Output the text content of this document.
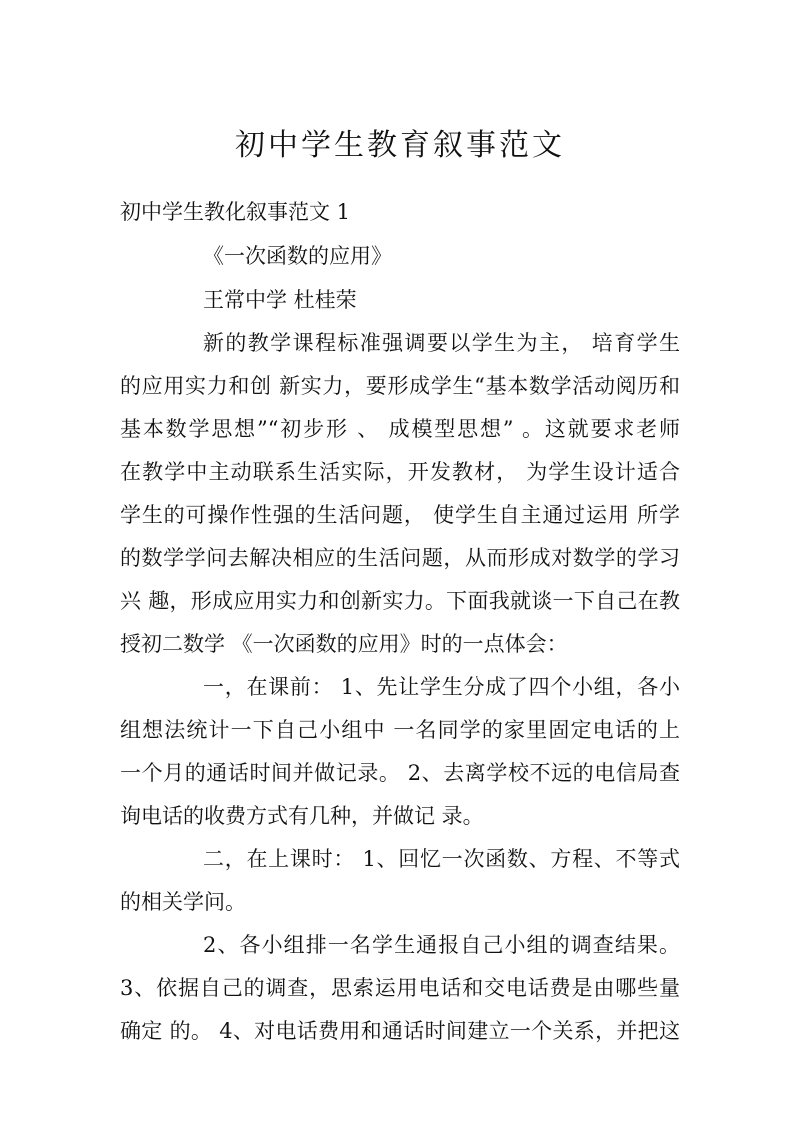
初中学生教育叙事范文

初中学生教化叙事范文 1

《一次函数的应用》

王常中学 杜桂荣

新的教学课程标准强调要以学生为主， 培育学生

的应用实力和创 新实力，要形成学生“基本数学活动阅历和

基本数学思想”“初步形 、 成模型思想” 。这就要求老师

在教学中主动联系生活实际，开发教材， 为学生设计适合

学生的可操作性强的生活问题， 使学生自主通过运用 所学

的数学学问去解决相应的生活问题，从而形成对数学的学习

兴 趣，形成应用实力和创新实力。下面我就谈一下自己在教

授初二数学 《一次函数的应用》时的一点体会：

一，在课前： 1、先让学生分成了四个小组，各小

组想法统计一下自己小组中 一名同学的家里固定电话的上

一个月的通话时间并做记录。 2、去离学校不远的电信局查

询电话的收费方式有几种，并做记 录。

二，在上课时： 1、回忆一次函数、方程、不等式

的相关学问。

2、各小组排一名学生通报自己小组的调查结果。

3、依据自己的调查，思索运用电话和交电话费是由哪些量

确定 的。 4、对电话费用和通话时间建立一个关系，并把这
